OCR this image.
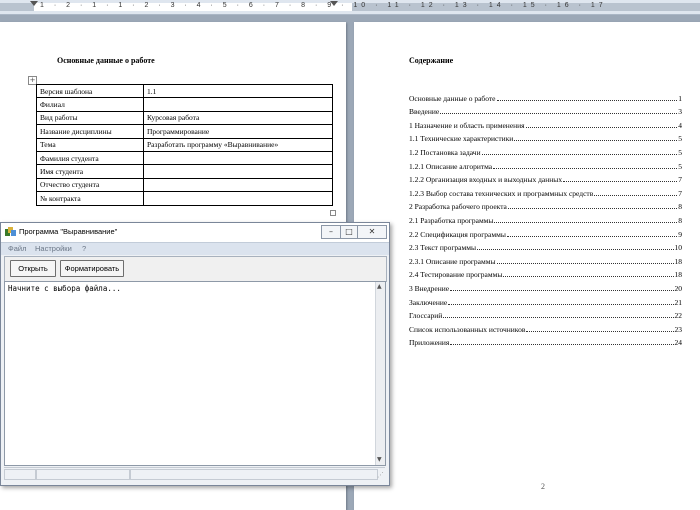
1 · 2 · 1 · 1 · 2 · 3 · 4 · 5 · 6 · 7 · 8 · 9 · 10 · 11 · 12 · 13 · 14 · 15 · 16 · 17
Основные данные о работе
+
Версия шаблона	1.1
Филиал	
Вид работы	Курсовая работа
Название дисциплины	Программирование
Тема	Разработать программу «Выравнивание»
Фамилия студента	
Имя студента	
Отчество студента	
№ контракта	
Содержание
Основные данные о работе	1
Введение	3
1 Назначение и область применения	4
1.1 Технические характеристики	5
1.2 Постановка задачи	5
1.2.1 Описание алгоритма	5
1.2.2 Организация входных и выходных данных	7
1.2.3 Выбор состава технических и программных средств	7
2 Разработка рабочего проекта	8
2.1 Разработка программы	8
2.2 Спецификация программы	9
2.3 Текст программы	10
2.3.1 Описание программы	18
2.4 Тестирование программы	18
3 Внедрение	20
Заключение	21
Глоссарий	22
Список использованных источников	23
Приложения	24
2
Программа "Выравнивание"	–	□	✕
Файл Настройки ?
Открыть	Форматировать
Начните с выбора файла...	▲
▼
⋰
